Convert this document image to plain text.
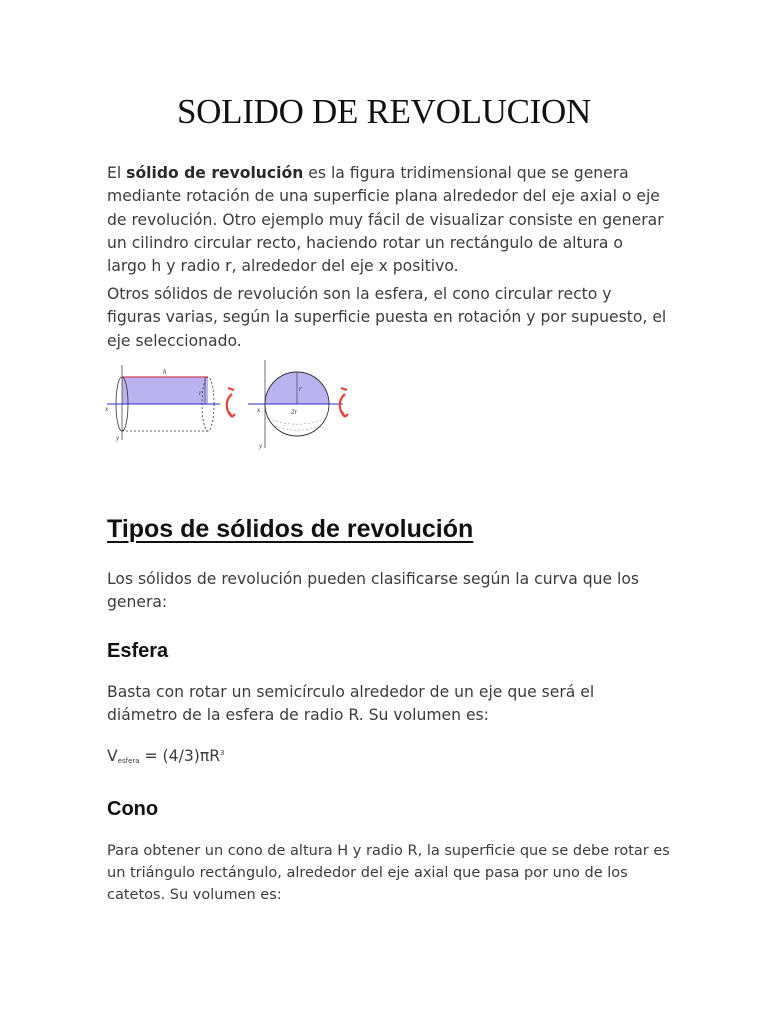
SOLIDO DE REVOLUCION

El sólido de revolución es la figura tridimensional que se genera mediante rotación de una superficie plana alrededor del eje axial o eje de revolución. Otro ejemplo muy fácil de visualizar consiste en generar un cilindro circular recto, haciendo rotar un rectángulo de altura o largo h y radio r, alrededor del eje x positivo.

Otros sólidos de revolución son la esfera, el cono circular recto y figuras varias, según la superficie puesta en rotación y por supuesto, el eje seleccionado.

h
r
x
y
r
2r
x
y
Tipos de sólidos de revolución

Los sólidos de revolución pueden clasificarse según la curva que los genera:

Esfera

Basta con rotar un semicírculo alrededor de un eje que será el diámetro de la esfera de radio R. Su volumen es:

$V_{esfera} = (4/3)\pi R^3$
Cono

Para obtener un cono de altura H y radio R, la superficie que se debe rotar es un triángulo rectángulo, alrededor del eje axial que pasa por uno de los catetos. Su volumen es:
